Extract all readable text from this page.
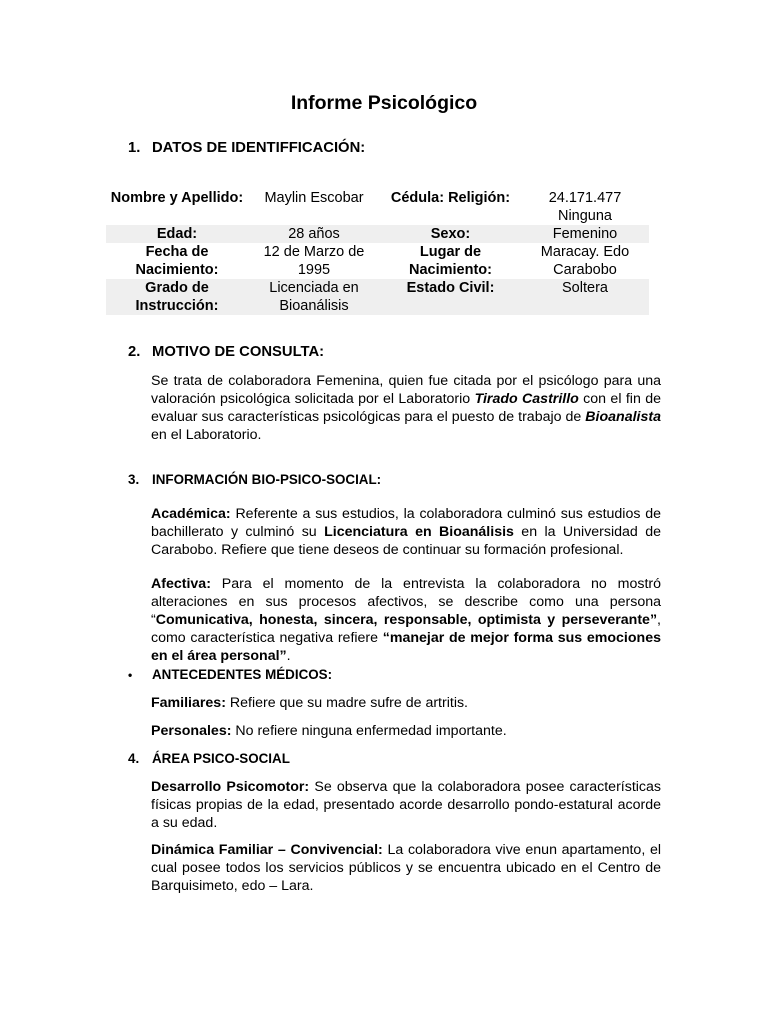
Informe Psicológico
1. DATOS DE IDENTIFFICACIÓN:
Nombre y Apellido:	Maylin Escobar	Cédula: Religión:	24.171.477 Ninguna
Edad:	28 años	Sexo:	Femenino
Fecha de Nacimiento:	12 de Marzo de 1995	Lugar de Nacimiento:	Maracay. Edo Carabobo
Grado de Instrucción:	Licenciada en Bioanálisis	Estado Civil:	Soltera
2. MOTIVO DE CONSULTA:

Se trata de colaboradora Femenina, quien fue citada por el psicólogo para una valoración psicológica solicitada por el Laboratorio Tirado Castrillo con el fin de evaluar sus características psicológicas para el puesto de trabajo de Bioanalista en el Laboratorio.

3. INFORMACIÓN BIO-PSICO-SOCIAL:

Académica: Referente a sus estudios, la colaboradora culminó sus estudios de bachillerato y culminó su Licenciatura en Bioanálisis en la Universidad de Carabobo. Refiere que tiene deseos de continuar su formación profesional.

Afectiva: Para el momento de la entrevista la colaboradora no mostró alteraciones en sus procesos afectivos, se describe como una persona “Comunicativa, honesta, sincera, responsable, optimista y perseverante”, como característica negativa refiere “manejar de mejor forma sus emociones en el área personal”.

• ANTECEDENTES MÉDICOS:

Familiares: Refiere que su madre sufre de artritis.

Personales: No refiere ninguna enfermedad importante.

4. ÁREA PSICO-SOCIAL

Desarrollo Psicomotor: Se observa que la colaboradora posee características físicas propias de la edad, presentado acorde desarrollo pondo-estatural acorde a su edad.

Dinámica Familiar – Convivencial: La colaboradora vive enun apartamento, el cual posee todos los servicios públicos y se encuentra ubicado en el Centro de Barquisimeto, edo – Lara.
